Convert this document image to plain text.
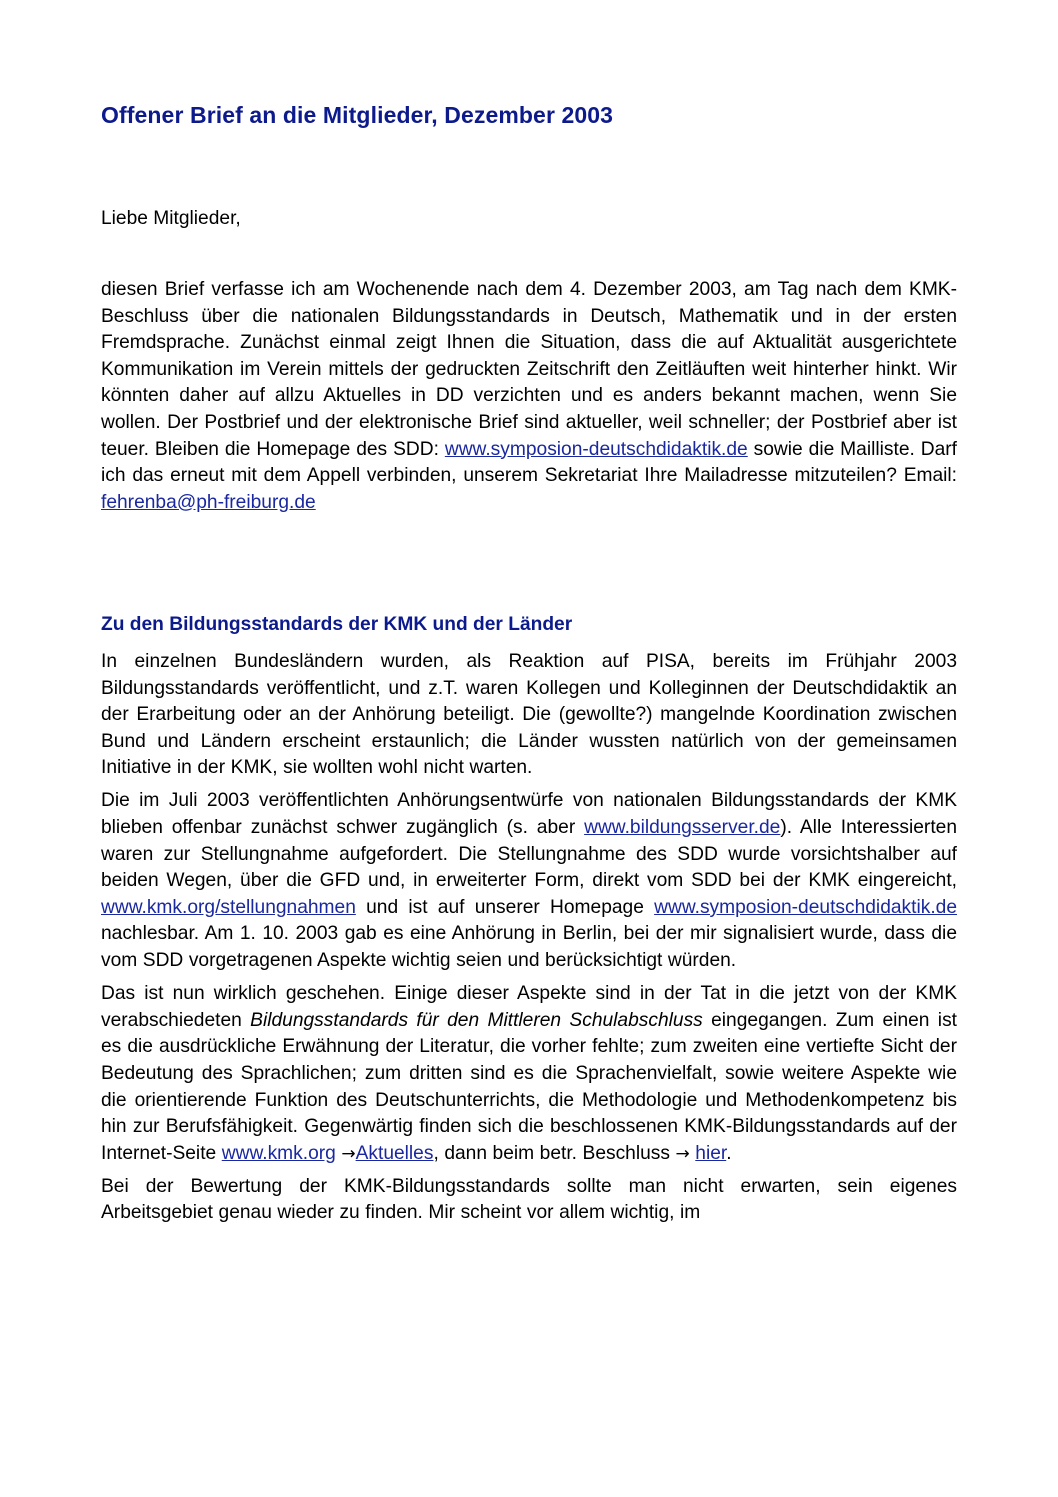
Offener Brief an die Mitglieder, Dezember 2003

Liebe Mitglieder,

diesen Brief verfasse ich am Wochenende nach dem 4. Dezember 2003, am Tag nach dem KMK-Beschluss über die nationalen Bildungsstandards in Deutsch, Mathematik und in der ersten Fremdsprache. Zunächst einmal zeigt Ihnen die Situation, dass die auf Aktualität ausgerichtete Kommunikation im Verein mittels der gedruckten Zeitschrift den Zeitläuften weit hinterher hinkt. Wir könnten daher auf allzu Aktuelles in DD verzichten und es anders bekannt machen, wenn Sie wollen. Der Postbrief und der elektronische Brief sind aktueller, weil schneller; der Postbrief aber ist teuer. Bleiben die Homepage des SDD: www.symposion-deutschdidaktik.de sowie die Mailliste. Darf ich das erneut mit dem Appell verbinden, unserem Sekretariat Ihre Mailadresse mitzuteilen? Email: fehrenba@ph-freiburg.de

Zu den Bildungsstandards der KMK und der Länder

In einzelnen Bundesländern wurden, als Reaktion auf PISA, bereits im Frühjahr 2003 Bildungsstandards veröffentlicht, und z.T. waren Kollegen und Kolleginnen der Deutschdidaktik an der Erarbeitung oder an der Anhörung beteiligt. Die (gewollte?) mangelnde Koordination zwischen Bund und Ländern erscheint erstaunlich; die Länder wussten natürlich von der gemeinsamen Initiative in der KMK, sie wollten wohl nicht warten.

Die im Juli 2003 veröffentlichten Anhörungsentwürfe von nationalen Bildungsstandards der KMK blieben offenbar zunächst schwer zugänglich (s. aber www.bildungsserver.de). Alle Interessierten waren zur Stellungnahme aufgefordert. Die Stellungnahme des SDD wurde vorsichtshalber auf beiden Wegen, über die GFD und, in erweiterter Form, direkt vom SDD bei der KMK eingereicht, www.kmk.org/stellungnahmen und ist auf unserer Homepage www.symposion-deutschdidaktik.de nachlesbar. Am 1. 10. 2003 gab es eine Anhörung in Berlin, bei der mir signalisiert wurde, dass die vom SDD vorgetragenen Aspekte wichtig seien und berücksichtigt würden.

Das ist nun wirklich geschehen. Einige dieser Aspekte sind in der Tat in die jetzt von der KMK verabschiedeten Bildungsstandards für den Mittleren Schulabschluss eingegangen. Zum einen ist es die ausdrückliche Erwähnung der Literatur, die vorher fehlte; zum zweiten eine vertiefte Sicht der Bedeutung des Sprachlichen; zum dritten sind es die Sprachenvielfalt, sowie weitere Aspekte wie die orientierende Funktion des Deutschunterrichts, die Methodologie und Methodenkompetenz bis hin zur Berufsfähigkeit. Gegenwärtig finden sich die beschlossenen KMK-Bildungsstandards auf der Internet-Seite www.kmk.org →Aktuelles, dann beim betr. Beschluss → hier.

Bei der Bewertung der KMK-Bildungsstandards sollte man nicht erwarten, sein eigenes Arbeitsgebiet genau wieder zu finden. Mir scheint vor allem wichtig, im
